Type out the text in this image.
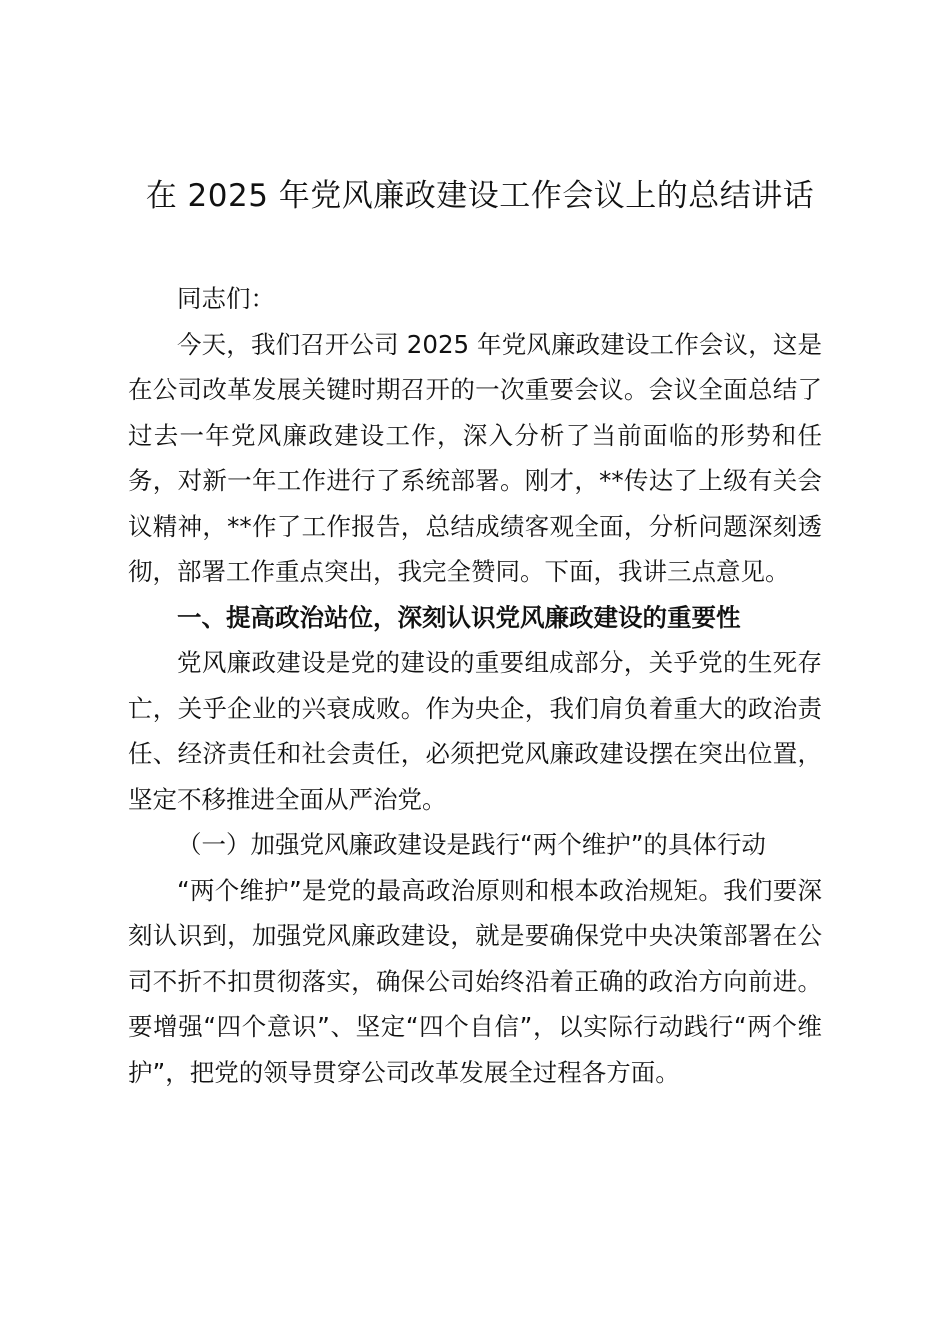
在 2025 年党风廉政建设工作会议上的总结讲话

同志们：

今天，我们召开公司 2025 年党风廉政建设工作会议，这是在公司改革发展关键时期召开的一次重要会议。会议全面总结了过去一年党风廉政建设工作，深入分析了当前面临的形势和任务，对新一年工作进行了系统部署。刚才，**传达了上级有关会议精神，**作了工作报告，总结成绩客观全面，分析问题深刻透彻，部署工作重点突出，我完全赞同。下面，我讲三点意见。

一、提高政治站位，深刻认识党风廉政建设的重要性

党风廉政建设是党的建设的重要组成部分，关乎党的生死存亡，关乎企业的兴衰成败。作为央企，我们肩负着重大的政治责任、经济责任和社会责任，必须把党风廉政建设摆在突出位置，坚定不移推进全面从严治党。

（一）加强党风廉政建设是践行“两个维护”的具体行动

“两个维护”是党的最高政治原则和根本政治规矩。我们要深刻认识到，加强党风廉政建设，就是要确保党中央决策部署在公司不折不扣贯彻落实，确保公司始终沿着正确的政治方向前进。要增强“四个意识”、坚定“四个自信”，以实际行动践行“两个维护”，把党的领导贯穿公司改革发展全过程各方面。
